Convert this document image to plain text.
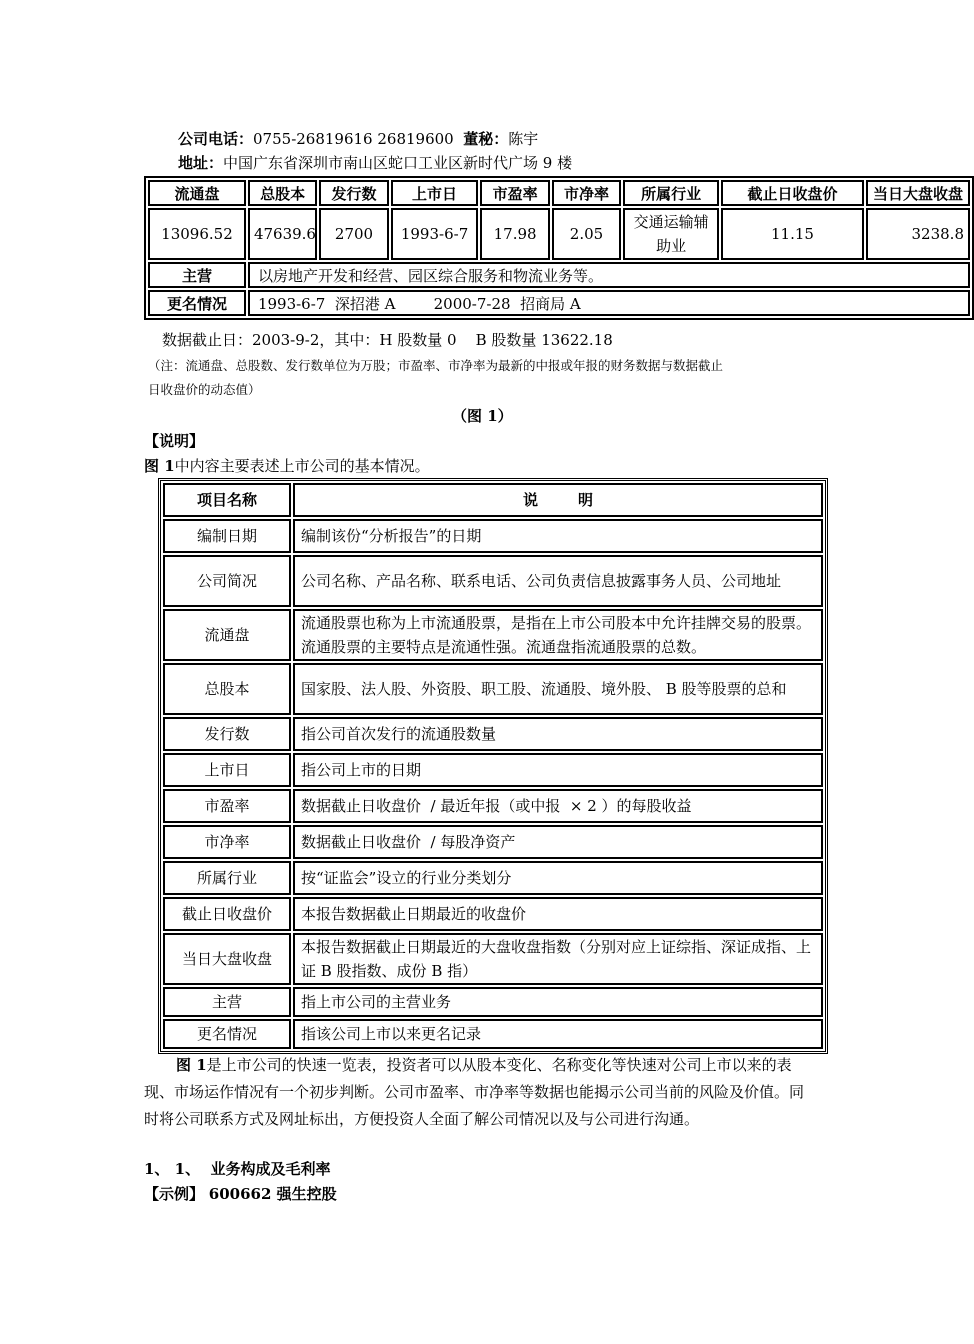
公司电话：0755-26819616 26819600 董秘：陈宇
地址：中国广东省深圳市南山区蛇口工业区新时代广场 9 楼
流通盘	总股本	发行数	上市日	市盈率	市净率	所属行业	截止日收盘价	当日大盘收盘
13096.52	47639.6	2700	1993-6-7	17.98	2.05	交通运输辅助业	11.15	3238.8
主营	以房地产开发和经营、园区综合服务和物流业务等。							
更名情况	1993-6-7  深招港 A        2000-7-28  招商局 A							
数据截止日：2003-9-2，其中：H 股数量 0    B 股数量 13622.18
（注：流通盘、总股数、发行数单位为万股；市盈率、市净率为最新的中报或年报的财务数据与数据截止
日收盘价的动态值）
（图 1）
【说明】
图 1中内容主要表述上市公司的基本情况。
项目名称	说明
编制日期	编制该份“分析报告”的日期
公司简况	公司名称、产品名称、联系电话、公司负责信息披露事务人员、公司地址
流通盘	流通股票也称为上市流通股票，是指在上市公司股本中允许挂牌交易的股票。流通股票的主要特点是流通性强。流通盘指流通股票的总数。
总股本	国家股、法人股、外资股、职工股、流通股、境外股、 B 股等股票的总和
发行数	指公司首次发行的流通股数量
上市日	指公司上市的日期
市盈率	数据截止日收盘价  / 最近年报（或中报  × 2 ）的每股收益
市净率	数据截止日收盘价  / 每股净资产
所属行业	按“证监会”设立的行业分类划分
截止日收盘价	本报告数据截止日期最近的收盘价
当日大盘收盘	本报告数据截止日期最近的大盘收盘指数（分别对应上证综指、深证成指、上证 B 股指数、成份 B 指）
主营	指上市公司的主营业务
更名情况	指该公司上市以来更名记录
图 1是上市公司的快速一览表，投资者可以从股本变化、名称变化等快速对公司上市以来的表现、市场运作情况有一个初步判断。公司市盈率、市净率等数据也能揭示公司当前的风险及价值。同时将公司联系方式及网址标出，方便投资人全面了解公司情况以及与公司进行沟通。
1、 1、  业务构成及毛利率
【示例】 600662 强生控股
